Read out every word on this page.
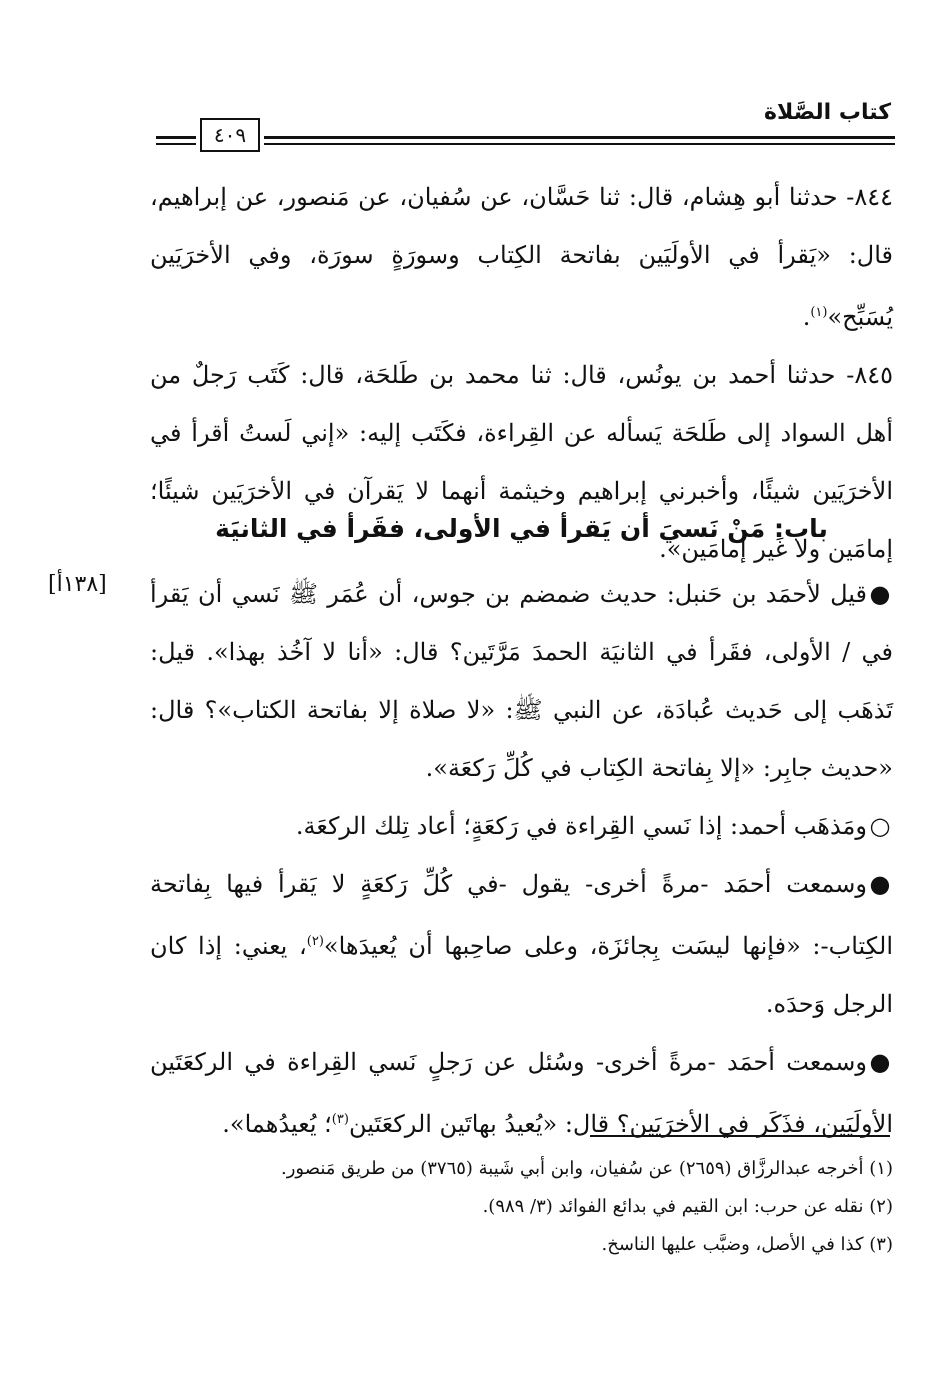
كتاب الصَّلاة
٤٠٩

٨٤٤- حدثنا أبو هِشام، قال: ثنا حَسَّان، عن سُفيان، عن مَنصور، عن إبراهيم، قال: «يَقرأ في الأولَيَين بفاتحة الكِتاب وسورَةٍ سورَة، وفي الأخرَيَين يُسَبِّح»$^{(١)}$.

٨٤٥- حدثنا أحمد بن يونُس، قال: ثنا محمد بن طَلحَة، قال: كَتَب رَجلٌ من أهل السواد إلى طَلحَة يَسأله عن القِراءة، فكَتَب إليه: «إني لَستُ أقرأ في الأخرَيَين شيئًا، وأخبرني إبراهيم وخيثمة أنهما لا يَقرآن في الأخرَيَين شيئًا؛ إمامَين ولا غَير إمامَين».

باب: مَنْ نَسيَ أن يَقرأ في الأولى، فقَرأ في الثانيَة
[١٣٨أ]	●قيل لأحمَد بن حَنبل: حديث ضمضم بن جوس، أن عُمَر ﷺ نَسي أن يَقرأ في / الأولى، فقَرأ في الثانيَة الحمدَ مَرَّتَين؟ قال: «أنا لا آخُذ بهذا». قيل: تَذهَب إلى حَديث عُبادَة، عن النبي ﷺ: «لا صلاة إلا بفاتحة الكتاب»؟ قال: «حديث جابِر: «إلا بِفاتحة الكِتاب في كُلِّ رَكعَة».

○ومَذهَب أحمد: إذا نَسي القِراءة في رَكعَةٍ؛ أعاد تِلك الركعَة.

●وسمعت أحمَد -مرةً أخرى- يقول -في كُلِّ رَكعَةٍ لا يَقرأ فيها بِفاتحة الكِتاب-: «فإنها ليسَت بِجائزَة، وعلى صاحِبها أن يُعيدَها»$^{(٢)}$، يعني: إذا كان الرجل وَحدَه.

●وسمعت أحمَد -مرةً أخرى- وسُئل عن رَجلٍ نَسي القِراءة في الركعَتَين الأولَيَين، فذَكَر في الأخرَيَين؟ قال: «يُعيدُ بهاتَين الركعَتَين$^{(٣)}$؛ يُعيدُهما».

(١) أخرجه عبدالرزَّاق (٢٦٥٩) عن سُفيان، وابن أبي شَيبة (٣٧٦٥) من طريق مَنصور.

(٢) نقله عن حرب: ابن القيم في بدائع الفوائد (٣/ ٩٨٩).

(٣) كذا في الأصل، وضبَّب عليها الناسخ.
